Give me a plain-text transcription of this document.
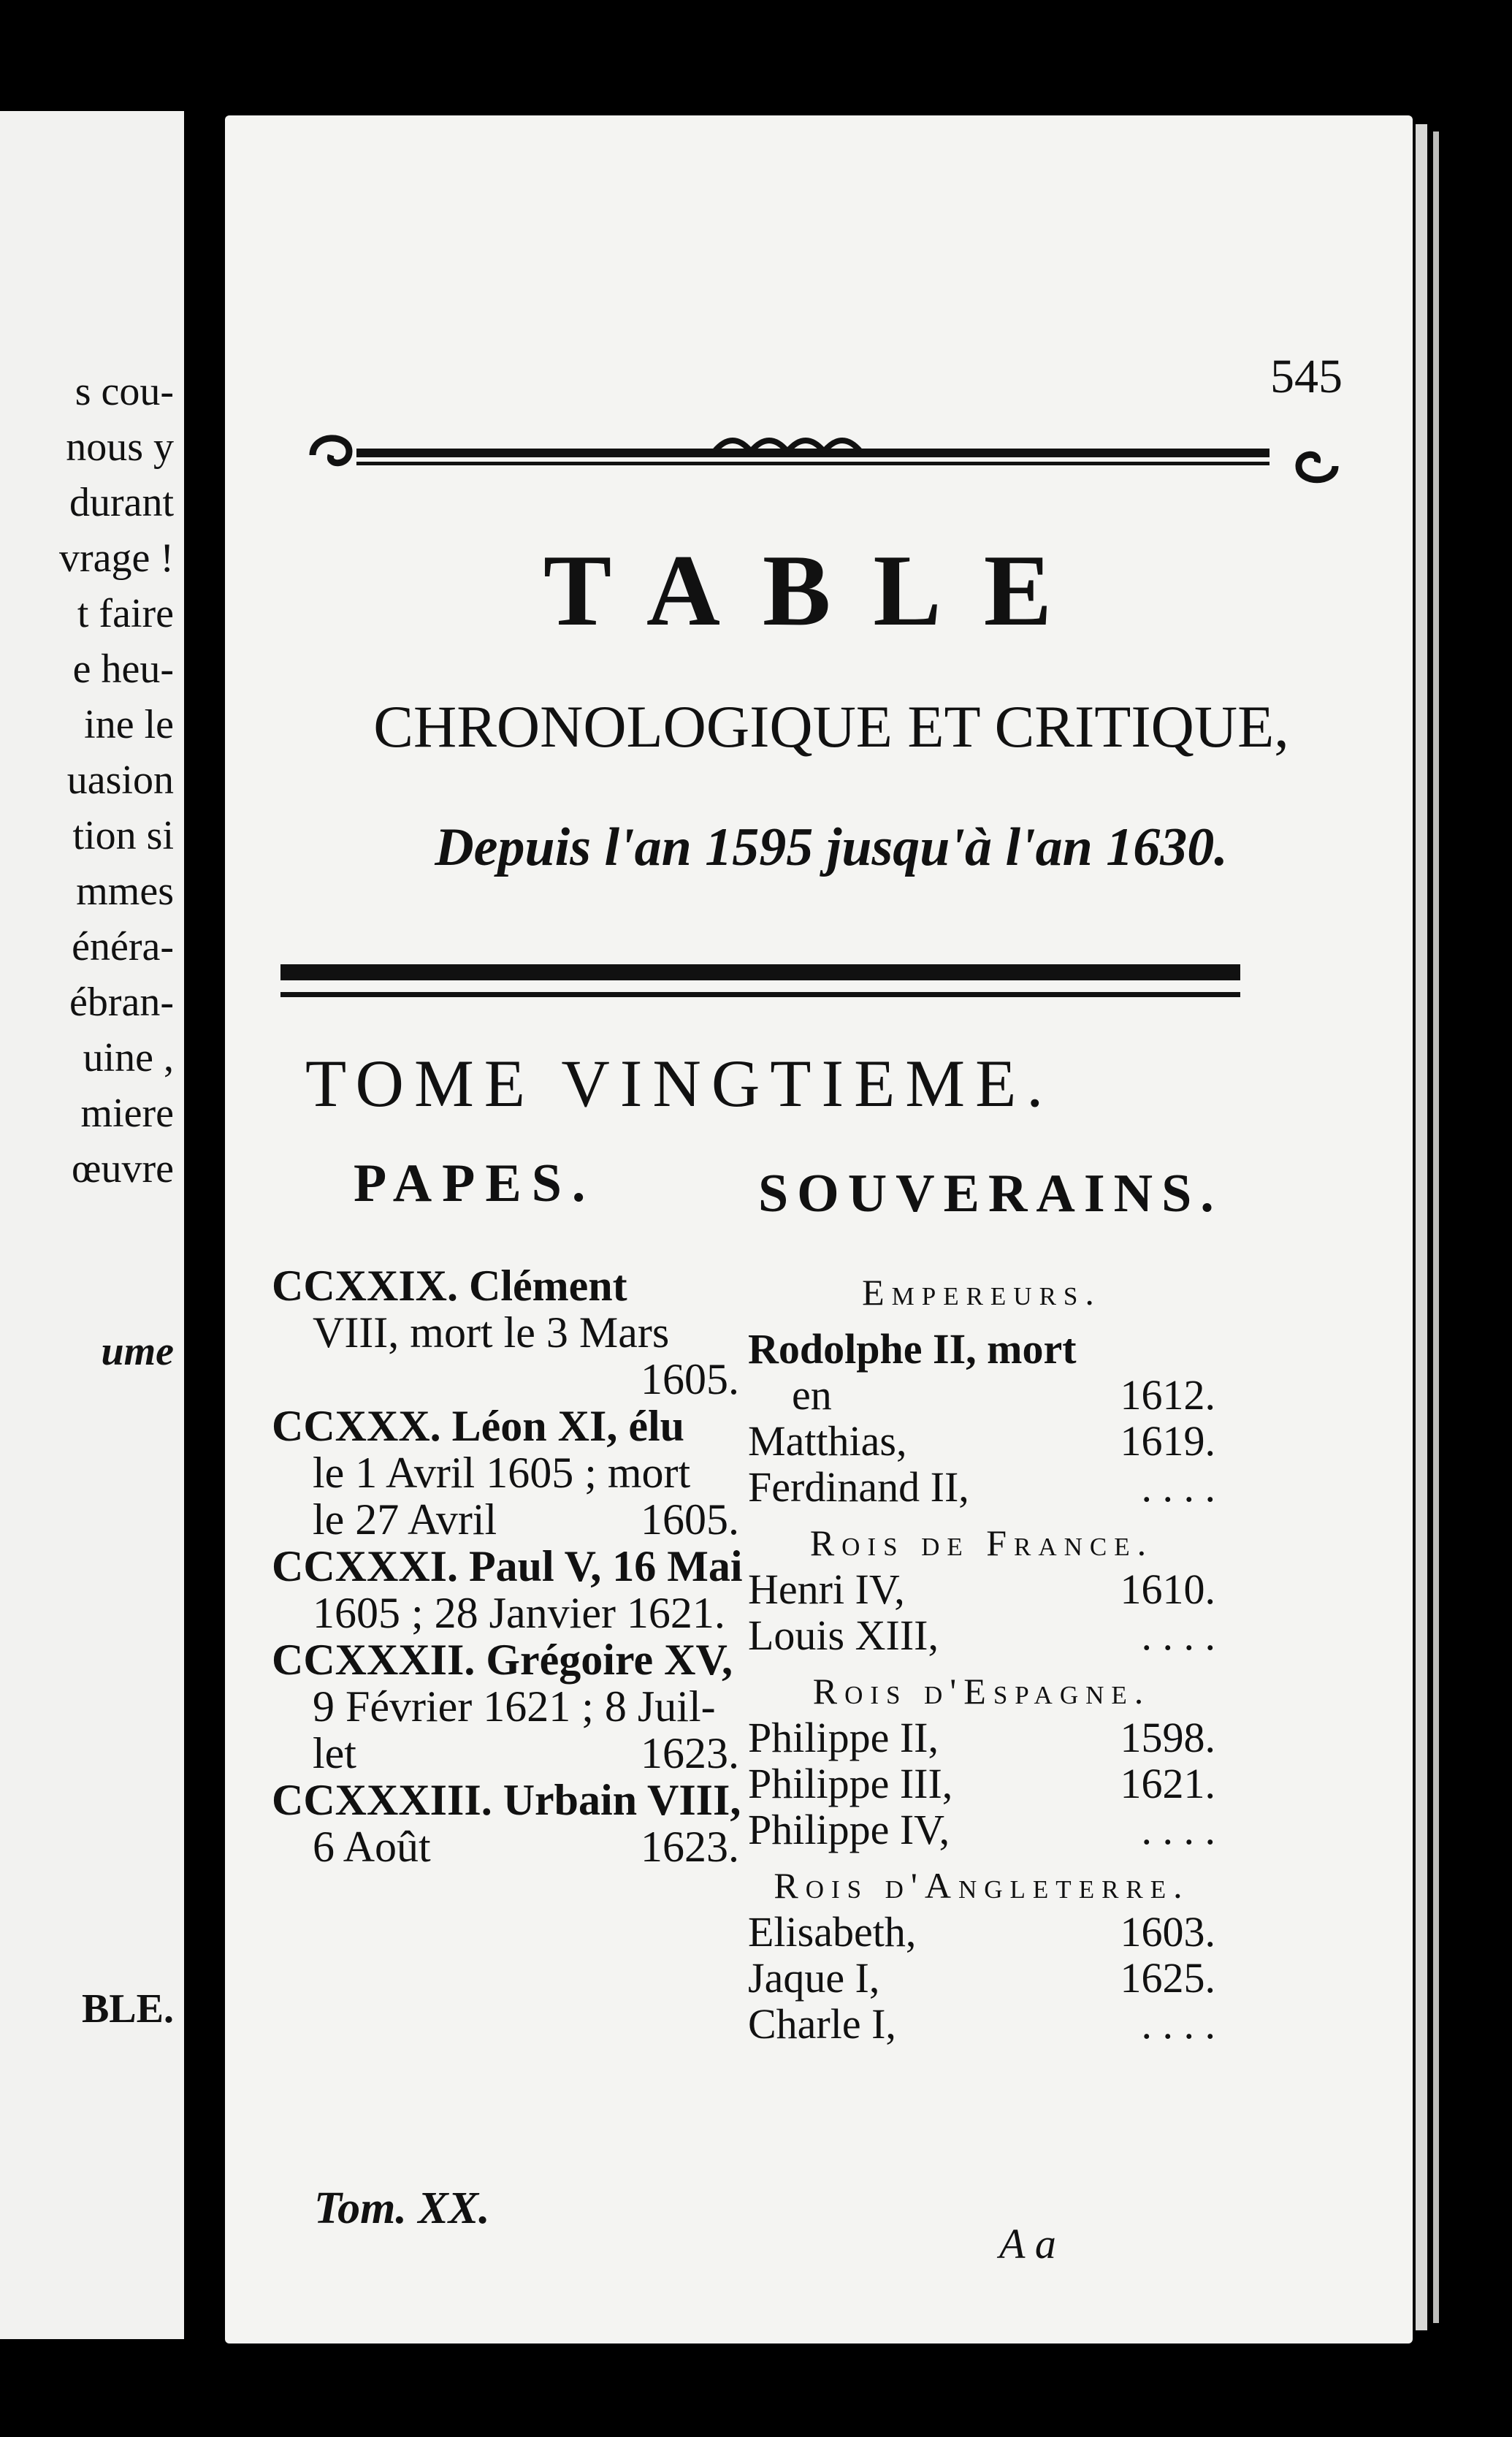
s cou-
nous y
durant
vrage !
t faire
e heu-
ine le
uasion
tion si
mmes
énéra-
ébran-
uine ,
miere
œuvre
ume
BLE.
545
TABLE
CHRONOLOGIQUE ET CRITIQUE,
Depuis l'an 1595 jusqu'à l'an 1630.
TOME VINGTIEME.
PAPES.	SOUVERAINS.
CCXXIX. Clément
VIII, mort le 3 Mars
1605.
CCXXX. Léon XI, élu
le 1 Avril 1605 ; mort
le 27 Avril	1605.
CCXXXI. Paul V, 16 Mai
1605 ; 28 Janvier 1621.
CCXXXII. Grégoire XV,
9 Février 1621 ; 8 Juil-
let	1623.
CCXXXIII. Urbain VIII,
6 Août	1623.
Empereurs.
Rodolphe II, mort
en	1612.
Matthias,	1619.
Ferdinand II,	. . . .
Rois de France.
Henri IV,	1610.
Louis XIII,	. . . .
Rois d'Espagne.
Philippe II,	1598.
Philippe III,	1621.
Philippe IV,	. . . .
Rois d'Angleterre.
Elisabeth,	1603.
Jaque I,	1625.
Charle I,	. . . .
Tom. XX.
A a
